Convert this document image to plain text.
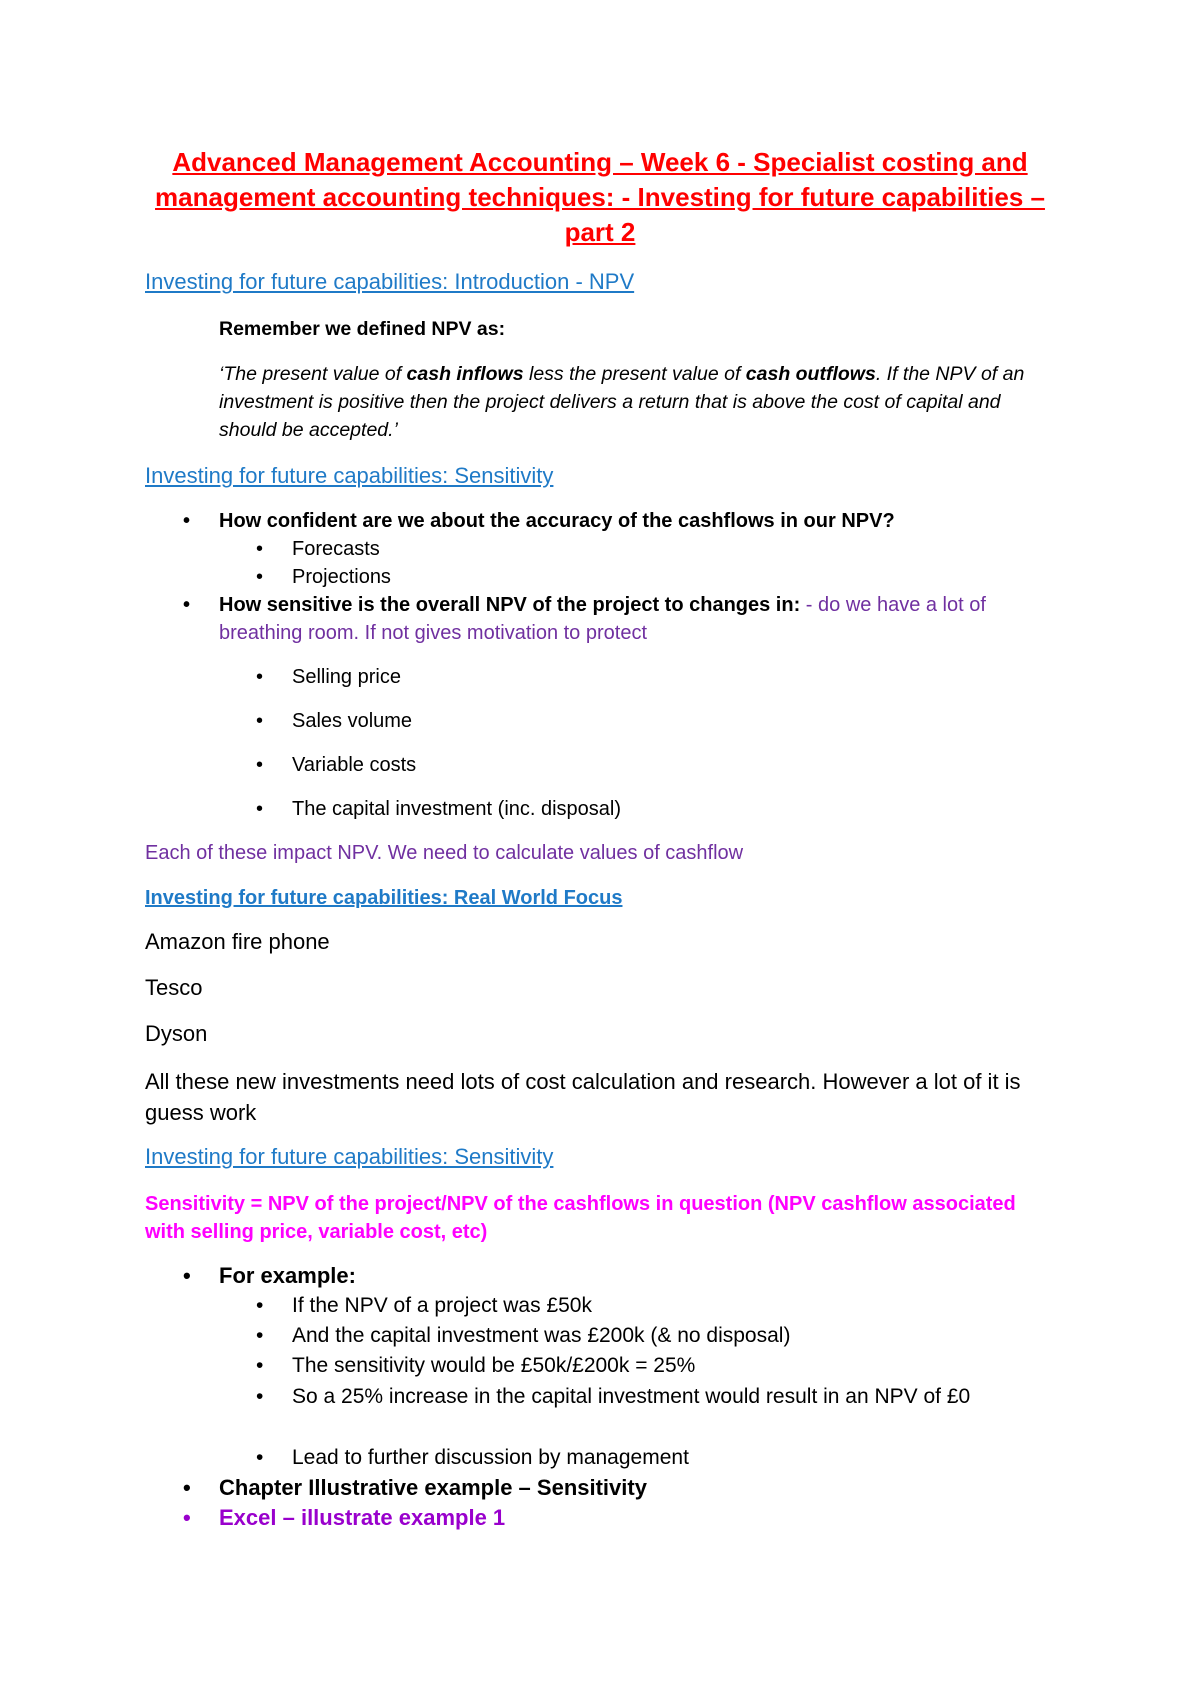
Advanced Management Accounting – Week 6 - Specialist costing and management accounting techniques: - Investing for future capabilities – part 2
Investing for future capabilities: Introduction - NPV
Remember we defined NPV as:
‘The present value of cash inflows less the present value of cash outflows. If the NPV of an investment is positive then the project delivers a return that is above the cost of capital and should be accepted.’
Investing for future capabilities: Sensitivity
• How confident are we about the accuracy of the cashflows in our NPV?
• Forecasts
• Projections
• How sensitive is the overall NPV of the project to changes in: - do we have a lot of breathing room. If not gives motivation to protect
• Selling price
• Sales volume
• Variable costs
• The capital investment (inc. disposal)
Each of these impact NPV. We need to calculate values of cashflow
Investing for future capabilities: Real World Focus
Amazon fire phone
Tesco
Dyson
All these new investments need lots of cost calculation and research. However a lot of it is guess work
Investing for future capabilities: Sensitivity
Sensitivity = NPV of the project/NPV of the cashflows in question (NPV cashflow associated with selling price, variable cost, etc)
• For example:
• If the NPV of a project was £50k
• And the capital investment was £200k (& no disposal)
• The sensitivity would be £50k/£200k = 25%
• So a 25% increase in the capital investment would result in an NPV of £0
• Lead to further discussion by management
• Chapter Illustrative example – Sensitivity
• Excel – illustrate example 1
